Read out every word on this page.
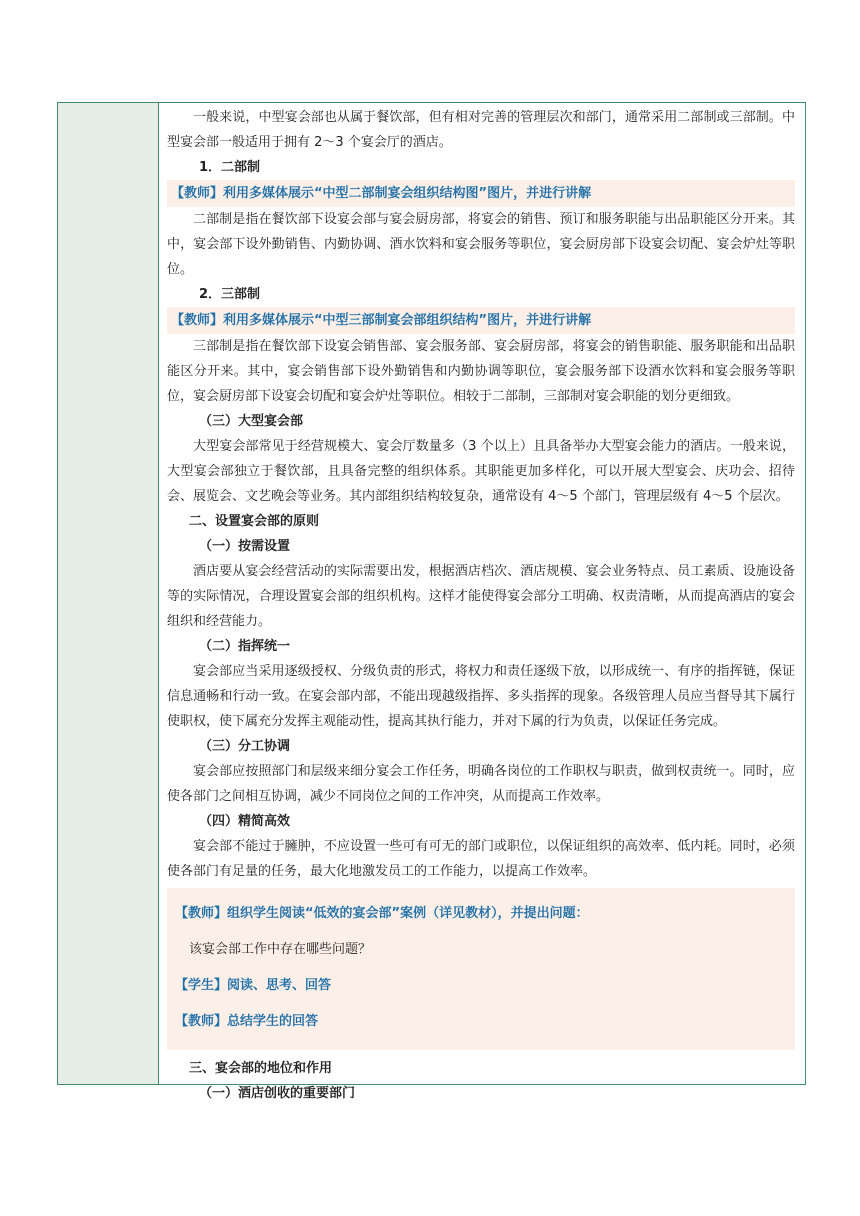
一般来说，中型宴会部也从属于餐饮部，但有相对完善的管理层次和部门，通常采用二部制或三部制。中型宴会部一般适用于拥有 2～3 个宴会厅的酒店。

1．二部制

【教师】利用多媒体展示“中型二部制宴会组织结构图”图片，并进行讲解

二部制是指在餐饮部下设宴会部与宴会厨房部，将宴会的销售、预订和服务职能与出品职能区分开来。其中，宴会部下设外勤销售、内勤协调、酒水饮料和宴会服务等职位，宴会厨房部下设宴会切配、宴会炉灶等职位。

2．三部制

【教师】利用多媒体展示“中型三部制宴会部组织结构”图片，并进行讲解

三部制是指在餐饮部下设宴会销售部、宴会服务部、宴会厨房部，将宴会的销售职能、服务职能和出品职能区分开来。其中，宴会销售部下设外勤销售和内勤协调等职位，宴会服务部下设酒水饮料和宴会服务等职位，宴会厨房部下设宴会切配和宴会炉灶等职位。相较于二部制，三部制对宴会职能的划分更细致。

（三）大型宴会部

大型宴会部常见于经营规模大、宴会厅数量多（3 个以上）且具备举办大型宴会能力的酒店。一般来说，大型宴会部独立于餐饮部，且具备完整的组织体系。其职能更加多样化，可以开展大型宴会、庆功会、招待会、展览会、文艺晚会等业务。其内部组织结构较复杂，通常设有 4～5 个部门，管理层级有 4～5 个层次。

二、设置宴会部的原则

（一）按需设置

酒店要从宴会经营活动的实际需要出发，根据酒店档次、酒店规模、宴会业务特点、员工素质、设施设备等的实际情况，合理设置宴会部的组织机构。这样才能使得宴会部分工明确、权责清晰，从而提高酒店的宴会组织和经营能力。

（二）指挥统一

宴会部应当采用逐级授权、分级负责的形式，将权力和责任逐级下放，以形成统一、有序的指挥链，保证信息通畅和行动一致。在宴会部内部，不能出现越级指挥、多头指挥的现象。各级管理人员应当督导其下属行使职权，使下属充分发挥主观能动性，提高其执行能力，并对下属的行为负责，以保证任务完成。

（三）分工协调

宴会部应按照部门和层级来细分宴会工作任务，明确各岗位的工作职权与职责，做到权责统一。同时，应使各部门之间相互协调，减少不同岗位之间的工作冲突，从而提高工作效率。

（四）精简高效

宴会部不能过于臃肿，不应设置一些可有可无的部门或职位，以保证组织的高效率、低内耗。同时，必须使各部门有足量的任务，最大化地激发员工的工作能力，以提高工作效率。

【教师】组织学生阅读“低效的宴会部”案例（详见教材），并提出问题：

该宴会部工作中存在哪些问题？

【学生】阅读、思考、回答

【教师】总结学生的回答

三、宴会部的地位和作用

（一）酒店创收的重要部门
